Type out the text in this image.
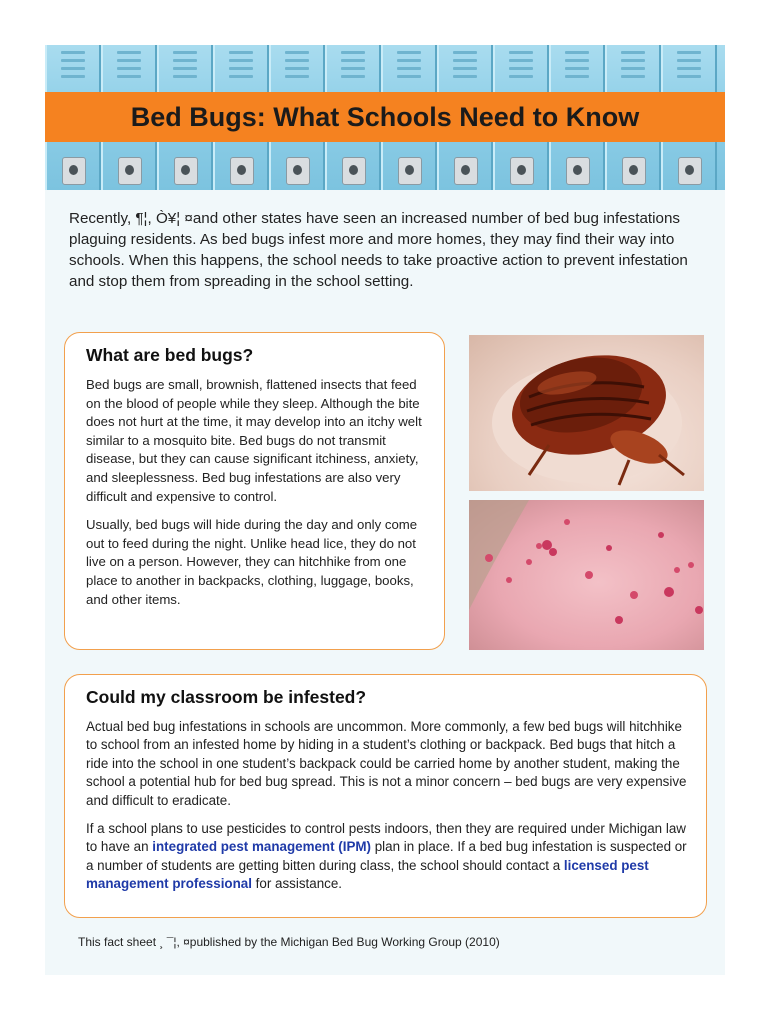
Bed Bugs: What Schools Need to Know
Recently, ¶¦, Ò¥¦ ¤and other states have seen an increased number of bed bug infestations plaguing residents. As bed bugs infest more and more homes, they may find their way into schools. When this happens, the school needs to take proactive action to prevent infestation and stop them from spreading in the school setting.
What are bed bugs?

Bed bugs are small, brownish, flattened insects that feed on the blood of people while they sleep. Although the bite does not hurt at the time, it may develop into an itchy welt similar to a mosquito bite. Bed bugs do not transmit disease, but they can cause significant itchiness, anxiety, and sleeplessness. Bed bug infestations are also very difficult and expensive to control.

Usually, bed bugs will hide during the day and only come out to feed during the night. Unlike head lice, they do not live on a person. However, they can hitchhike from one place to another in backpacks, clothing, luggage, books, and other items.

Could my classroom be infested?

Actual bed bug infestations in schools are uncommon. More commonly, a few bed bugs will hitchhike to school from an infested home by hiding in a student’s clothing or backpack. Bed bugs that hitch a ride into the school in one student’s backpack could be carried home by another student, making the school a potential hub for bed bug spread. This is not a minor concern – bed bugs are very expensive and difficult to eradicate.

If a school plans to use pesticides to control pests indoors, then they are required under Michigan law to have an integrated pest management (IPM) plan in place. If a bed bug infestation is suspected or a number of students are getting bitten during class, the school should contact a licensed pest management professional for assistance.

This fact sheet ¸ ¯¦, ¤published by the Michigan Bed Bug Working Group (2010)
